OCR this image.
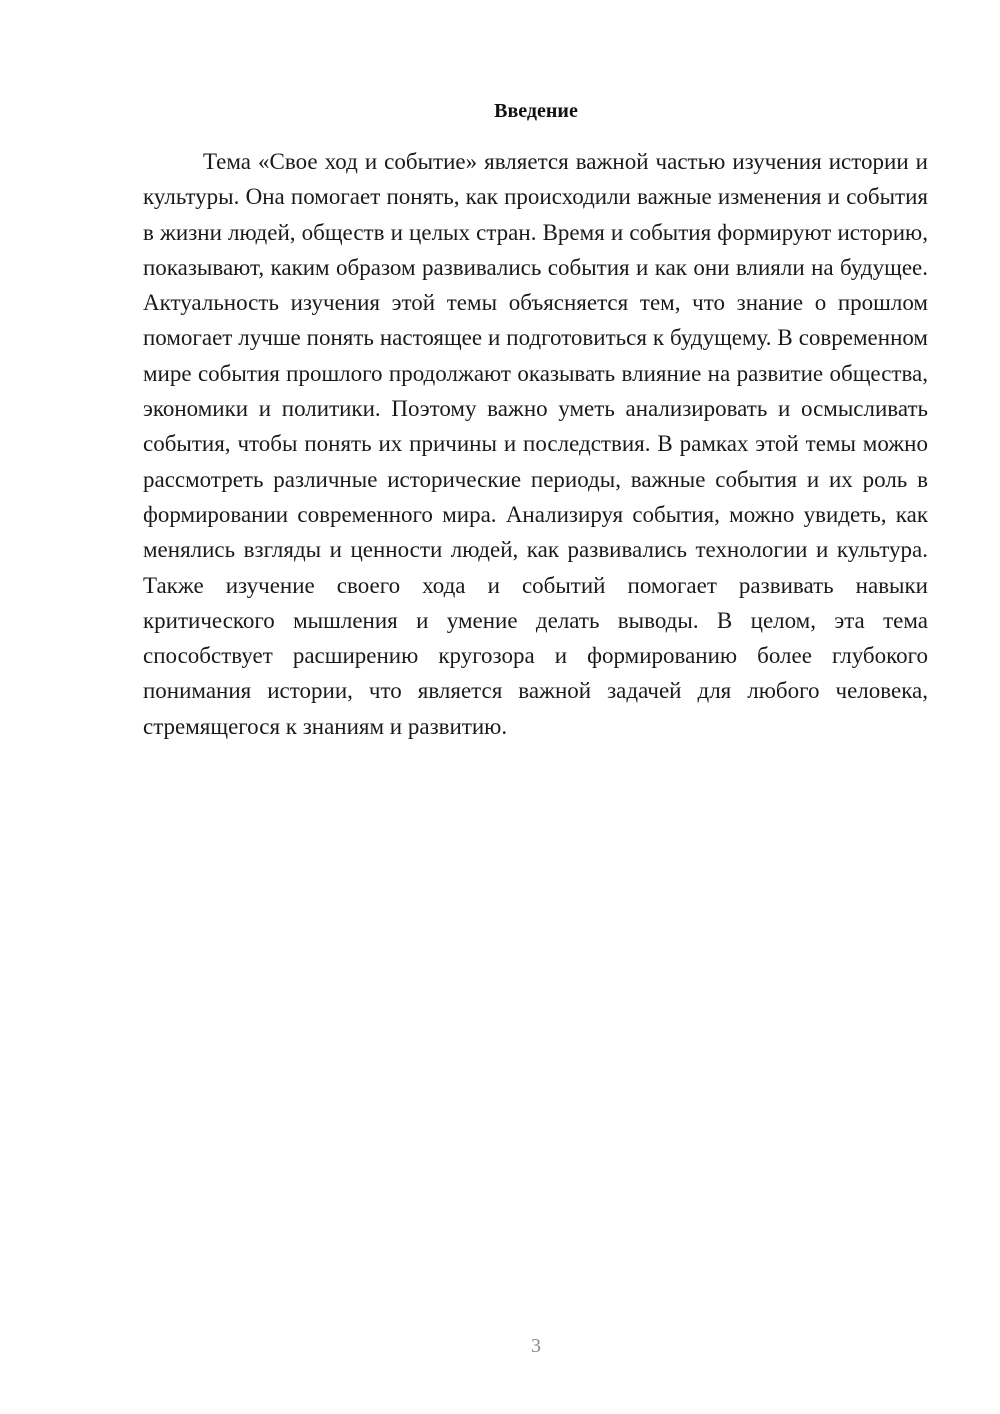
Введение

Тема «Свое ход и событие» является важной частью изучения истории и культуры. Она помогает понять, как происходили важные изменения и события в жизни людей, обществ и целых стран. Время и события формируют историю, показывают, каким образом развивались события и как они влияли на будущее. Актуальность изучения этой темы объясняется тем, что знание о прошлом помогает лучше понять настоящее и подготовиться к будущему. В современном мире события прошлого продолжают оказывать влияние на развитие общества, экономики и политики. Поэтому важно уметь анализировать и осмысливать события, чтобы понять их причины и последствия. В рамках этой темы можно рассмотреть различные исторические периоды, важные события и их роль в формировании современного мира. Анализируя события, можно увидеть, как менялись взгляды и ценности людей, как развивались технологии и культура. Также изучение своего хода и событий помогает развивать навыки критического мышления и умение делать выводы. В целом, эта тема способствует расширению кругозора и формированию более глубокого понимания истории, что является важной задачей для любого человека, стремящегося к знаниям и развитию.

3
